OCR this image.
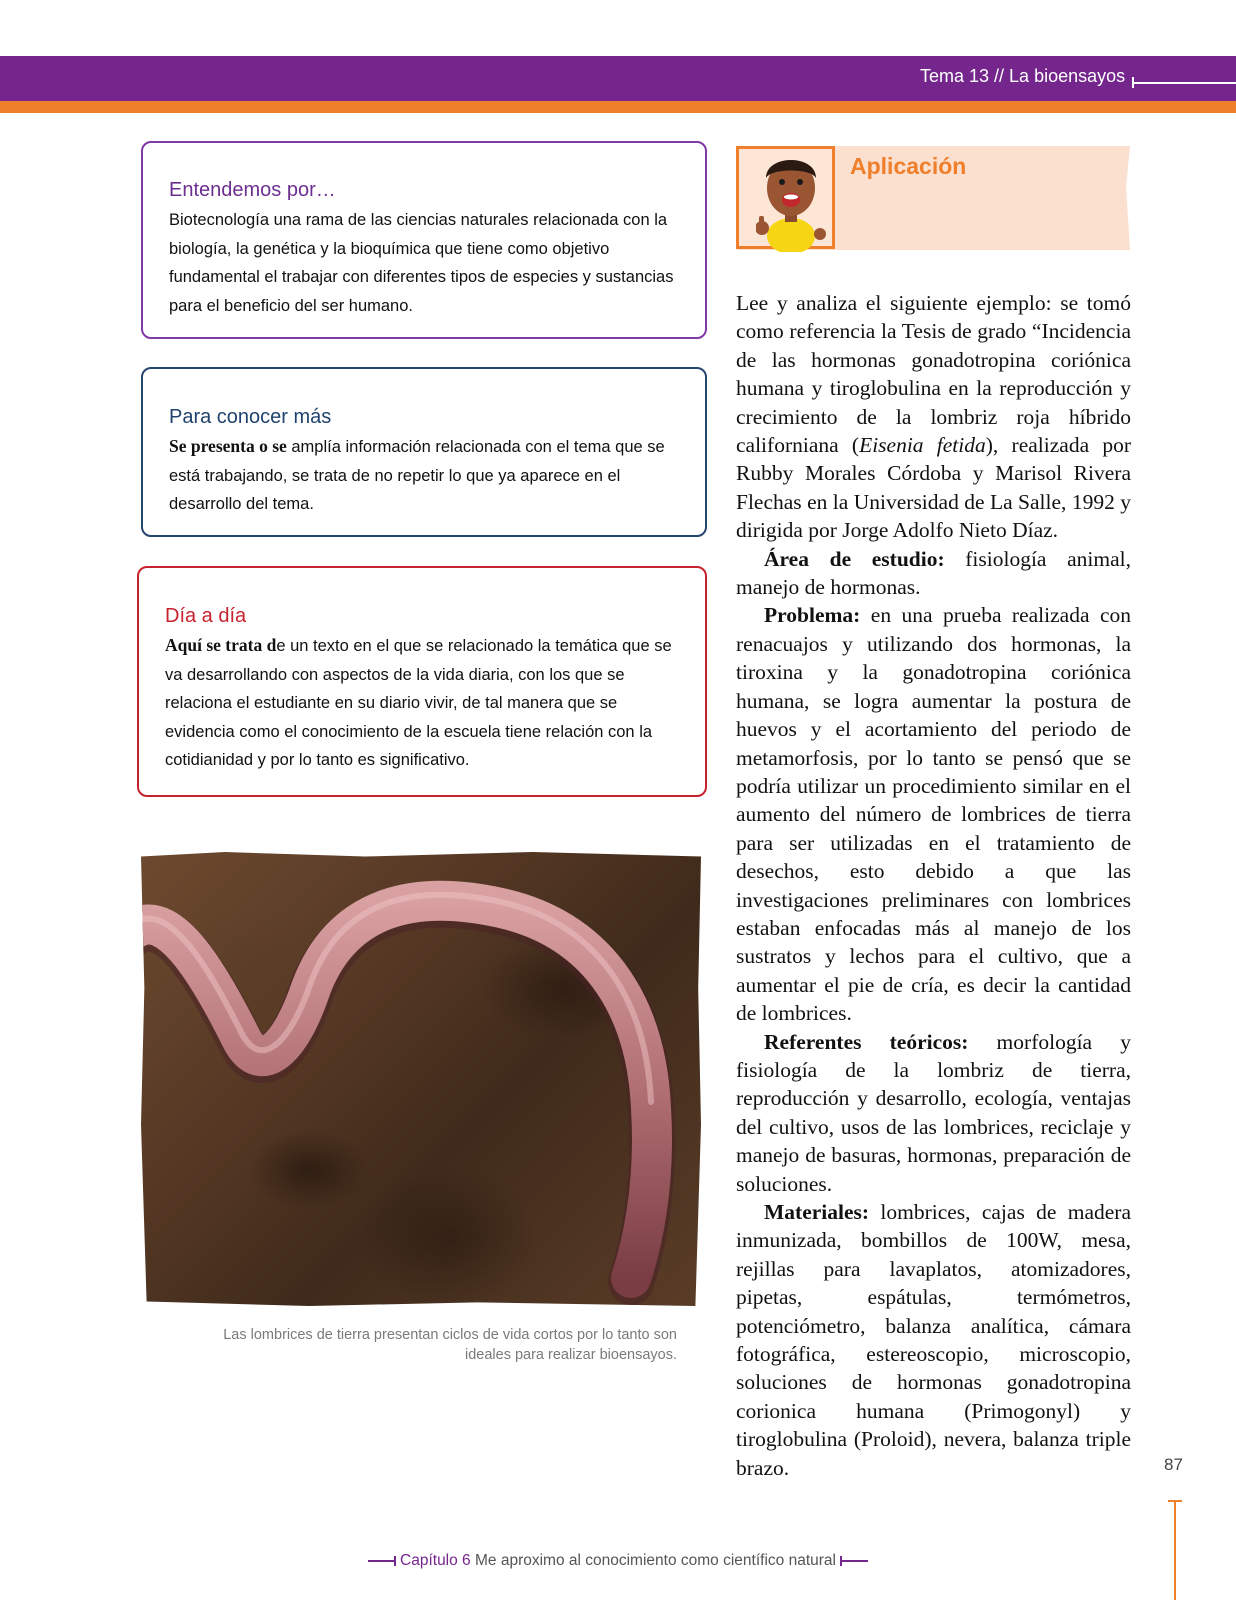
Tema 13 // La bioensayos
Entendemos por…

Biotecnología una rama de las ciencias naturales relacionada con la biología, la genética y la bioquímica que tiene como objetivo fundamental el trabajar con diferentes tipos de especies y sustancias para el beneficio del ser humano.

Para conocer más

Se presenta o se amplía información relacionada con el tema que se está trabajando, se trata de no repetir lo que ya aparece en el desarrollo del tema.

Día a día

Aquí se trata de un texto en el que se relacionado la temática que se va desarrollando con aspectos de la vida diaria, con los que se relaciona el estudiante en su diario vivir, de tal manera que se evidencia como el conocimiento de la escuela tiene relación con la cotidianidad y por lo tanto es significativo.

Las lombrices de tierra presentan ciclos de vida cortos por lo tanto son ideales para realizar bioensayos.
Aplicación

Lee y analiza el siguiente ejemplo: se tomó como referencia la Tesis de grado “Incidencia de las hormonas gonadotropina coriónica humana y tiroglobulina en la reproducción y crecimiento de la lombriz roja híbrido californiana (Eisenia fetida), realizada por Rubby Morales Córdoba y Marisol Rivera Flechas en la Universidad de La Salle, 1992 y dirigida por Jorge Adolfo Nieto Díaz.

Área de estudio: fisiología animal, manejo de hormonas.

Problema: en una prueba realizada con renacuajos y utilizando dos hormonas, la tiroxina y la gonadotropina coriónica humana, se logra aumentar la postura de huevos y el acortamiento del periodo de metamorfosis, por lo tanto se pensó que se podría utilizar un procedimiento similar en el aumento del número de lombrices de tierra para ser utilizadas en el tratamiento de desechos, esto debido a que las investigaciones preliminares con lombrices estaban enfocadas más al manejo de los sustratos y lechos para el cultivo, que a aumentar el pie de cría, es decir la cantidad de lombrices.

Referentes teóricos: morfología y fisiología de la lombriz de tierra, reproducción y desarrollo, ecología, ventajas del cultivo, usos de las lombrices, reciclaje y manejo de basuras, hormonas, preparación de soluciones.

Materiales: lombrices, cajas de madera inmunizada, bombillos de 100W, mesa, rejillas para lavaplatos, atomizadores, pipetas, espátulas, termómetros, potenciómetro, balanza analítica, cámara fotográfica, estereoscopio, microscopio, soluciones de hormonas gonadotropina corionica humana (Primogonyl) y tiroglobulina (Proloid), nevera, balanza triple brazo.	87
Capítulo 6 Me aproximo al conocimiento como científico natural
